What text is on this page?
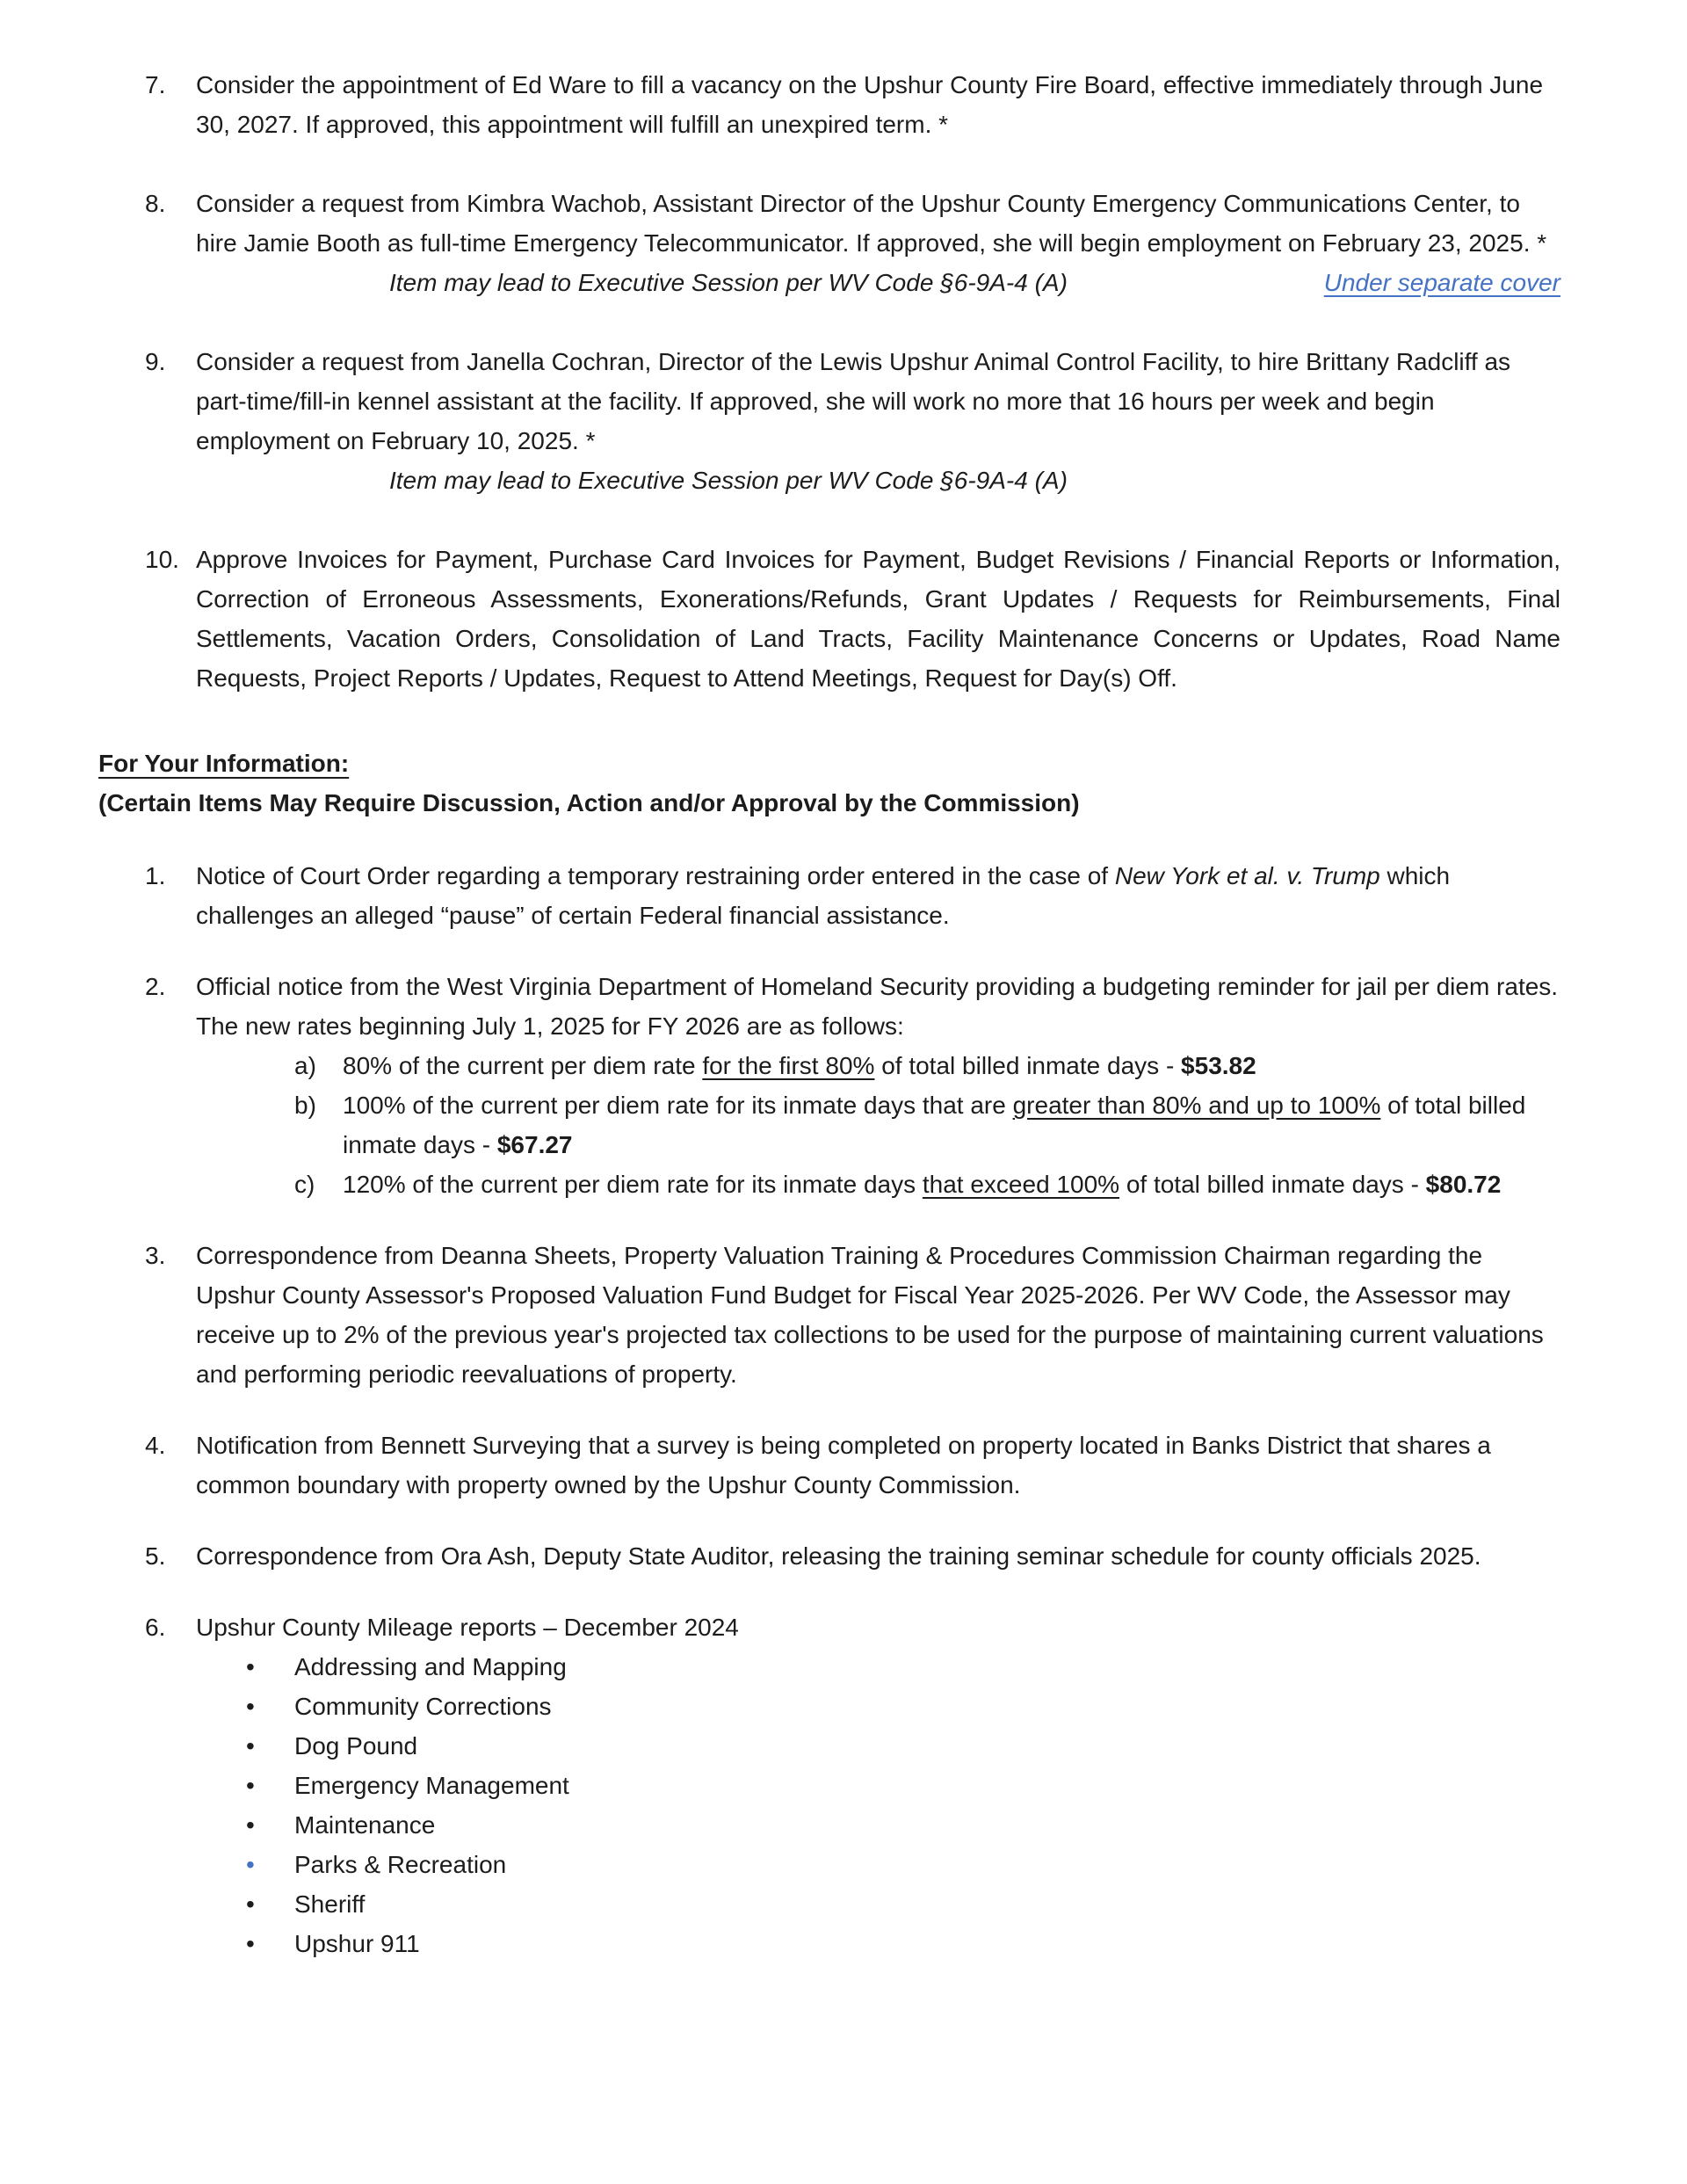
7.	Consider the appointment of Ed Ware to fill a vacancy on the Upshur County Fire Board, effective immediately through June 30, 2027. If approved, this appointment will fulfill an unexpired term. *
8.	Consider a request from Kimbra Wachob, Assistant Director of the Upshur County Emergency Communications Center, to hire Jamie Booth as full-time Emergency Telecommunicator. If approved, she will begin employment on February 23, 2025. *
Item may lead to Executive Session per WV Code §6-9A-4 (A)	Under separate cover
9.	Consider a request from Janella Cochran, Director of the Lewis Upshur Animal Control Facility, to hire Brittany Radcliff as part-time/fill-in kennel assistant at the facility. If approved, she will work no more that 16 hours per week and begin employment on February 10, 2025. *
Item may lead to Executive Session per WV Code §6-9A-4 (A)
10. Approve Invoices for Payment, Purchase Card Invoices for Payment, Budget Revisions / Financial Reports or Information, Correction of Erroneous Assessments, Exonerations/Refunds, Grant Updates / Requests for Reimbursements, Final Settlements, Vacation Orders, Consolidation of Land Tracts, Facility Maintenance Concerns or Updates, Road Name Requests, Project Reports / Updates, Request to Attend Meetings, Request for Day(s) Off.
For Your Information:
(Certain Items May Require Discussion, Action and/or Approval by the Commission)
1.	Notice of Court Order regarding a temporary restraining order entered in the case of New York et al. v. Trump which challenges an alleged “pause” of certain Federal financial assistance.
2.	Official notice from the West Virginia Department of Homeland Security providing a budgeting reminder for jail per diem rates. The new rates beginning July 1, 2025 for FY 2026 are as follows:
a)	80% of the current per diem rate for the first 80% of total billed inmate days - $53.82
b)	100% of the current per diem rate for its inmate days that are greater than 80% and up to 100% of total billed inmate days - $67.27
c)	120% of the current per diem rate for its inmate days that exceed 100% of total billed inmate days - $80.72
3.	Correspondence from Deanna Sheets, Property Valuation Training & Procedures Commission Chairman regarding the Upshur County Assessor's Proposed Valuation Fund Budget for Fiscal Year 2025-2026. Per WV Code, the Assessor may receive up to 2% of the previous year's projected tax collections to be used for the purpose of maintaining current valuations and performing periodic reevaluations of property.
4.	Notification from Bennett Surveying that a survey is being completed on property located in Banks District that shares a common boundary with property owned by the Upshur County Commission.
5.	Correspondence from Ora Ash, Deputy State Auditor, releasing the training seminar schedule for county officials 2025.
6.	Upshur County Mileage reports – December 2024
•	Addressing and Mapping
•	Community Corrections
•	Dog Pound
•	Emergency Management
•	Maintenance
•	Parks & Recreation
•	Sheriff
•	Upshur 911
